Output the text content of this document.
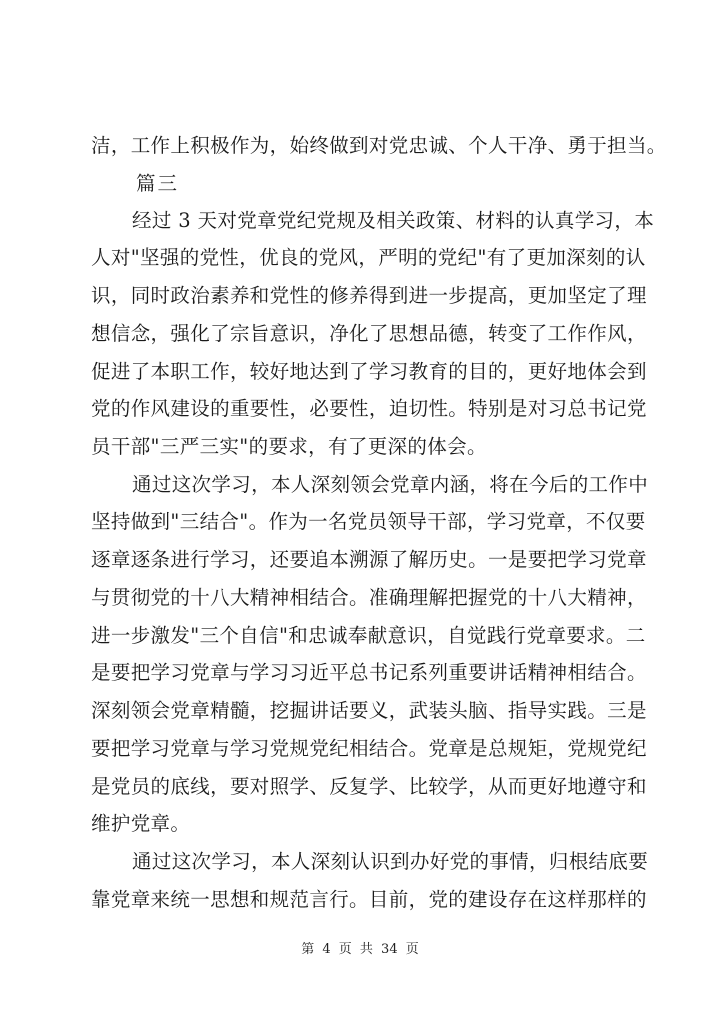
洁，工作上积极作为，始终做到对党忠诚、个人干净、勇于担当。
篇三
经过 3 天对党章党纪党规及相关政策、材料的认真学习，本
人对"坚强的党性，优良的党风，严明的党纪"有了更加深刻的认
识，同时政治素养和党性的修养得到进一步提高，更加坚定了理
想信念，强化了宗旨意识，净化了思想品德，转变了工作作风，
促进了本职工作，较好地达到了学习教育的目的，更好地体会到
党的作风建设的重要性，必要性，迫切性。特别是对习总书记党
员干部"三严三实"的要求，有了更深的体会。
通过这次学习，本人深刻领会党章内涵，将在今后的工作中
坚持做到"三结合"。作为一名党员领导干部，学习党章，不仅要
逐章逐条进行学习，还要追本溯源了解历史。一是要把学习党章
与贯彻党的十八大精神相结合。准确理解把握党的十八大精神，
进一步激发"三个自信"和忠诚奉献意识，自觉践行党章要求。二
是要把学习党章与学习习近平总书记系列重要讲话精神相结合。
深刻领会党章精髓，挖掘讲话要义，武装头脑、指导实践。三是
要把学习党章与学习党规党纪相结合。党章是总规矩，党规党纪
是党员的底线，要对照学、反复学、比较学，从而更好地遵守和
维护党章。
通过这次学习，本人深刻认识到办好党的事情，归根结底要
靠党章来统一思想和规范言行。目前，党的建设存在这样那样的
第 4 页 共 34 页
